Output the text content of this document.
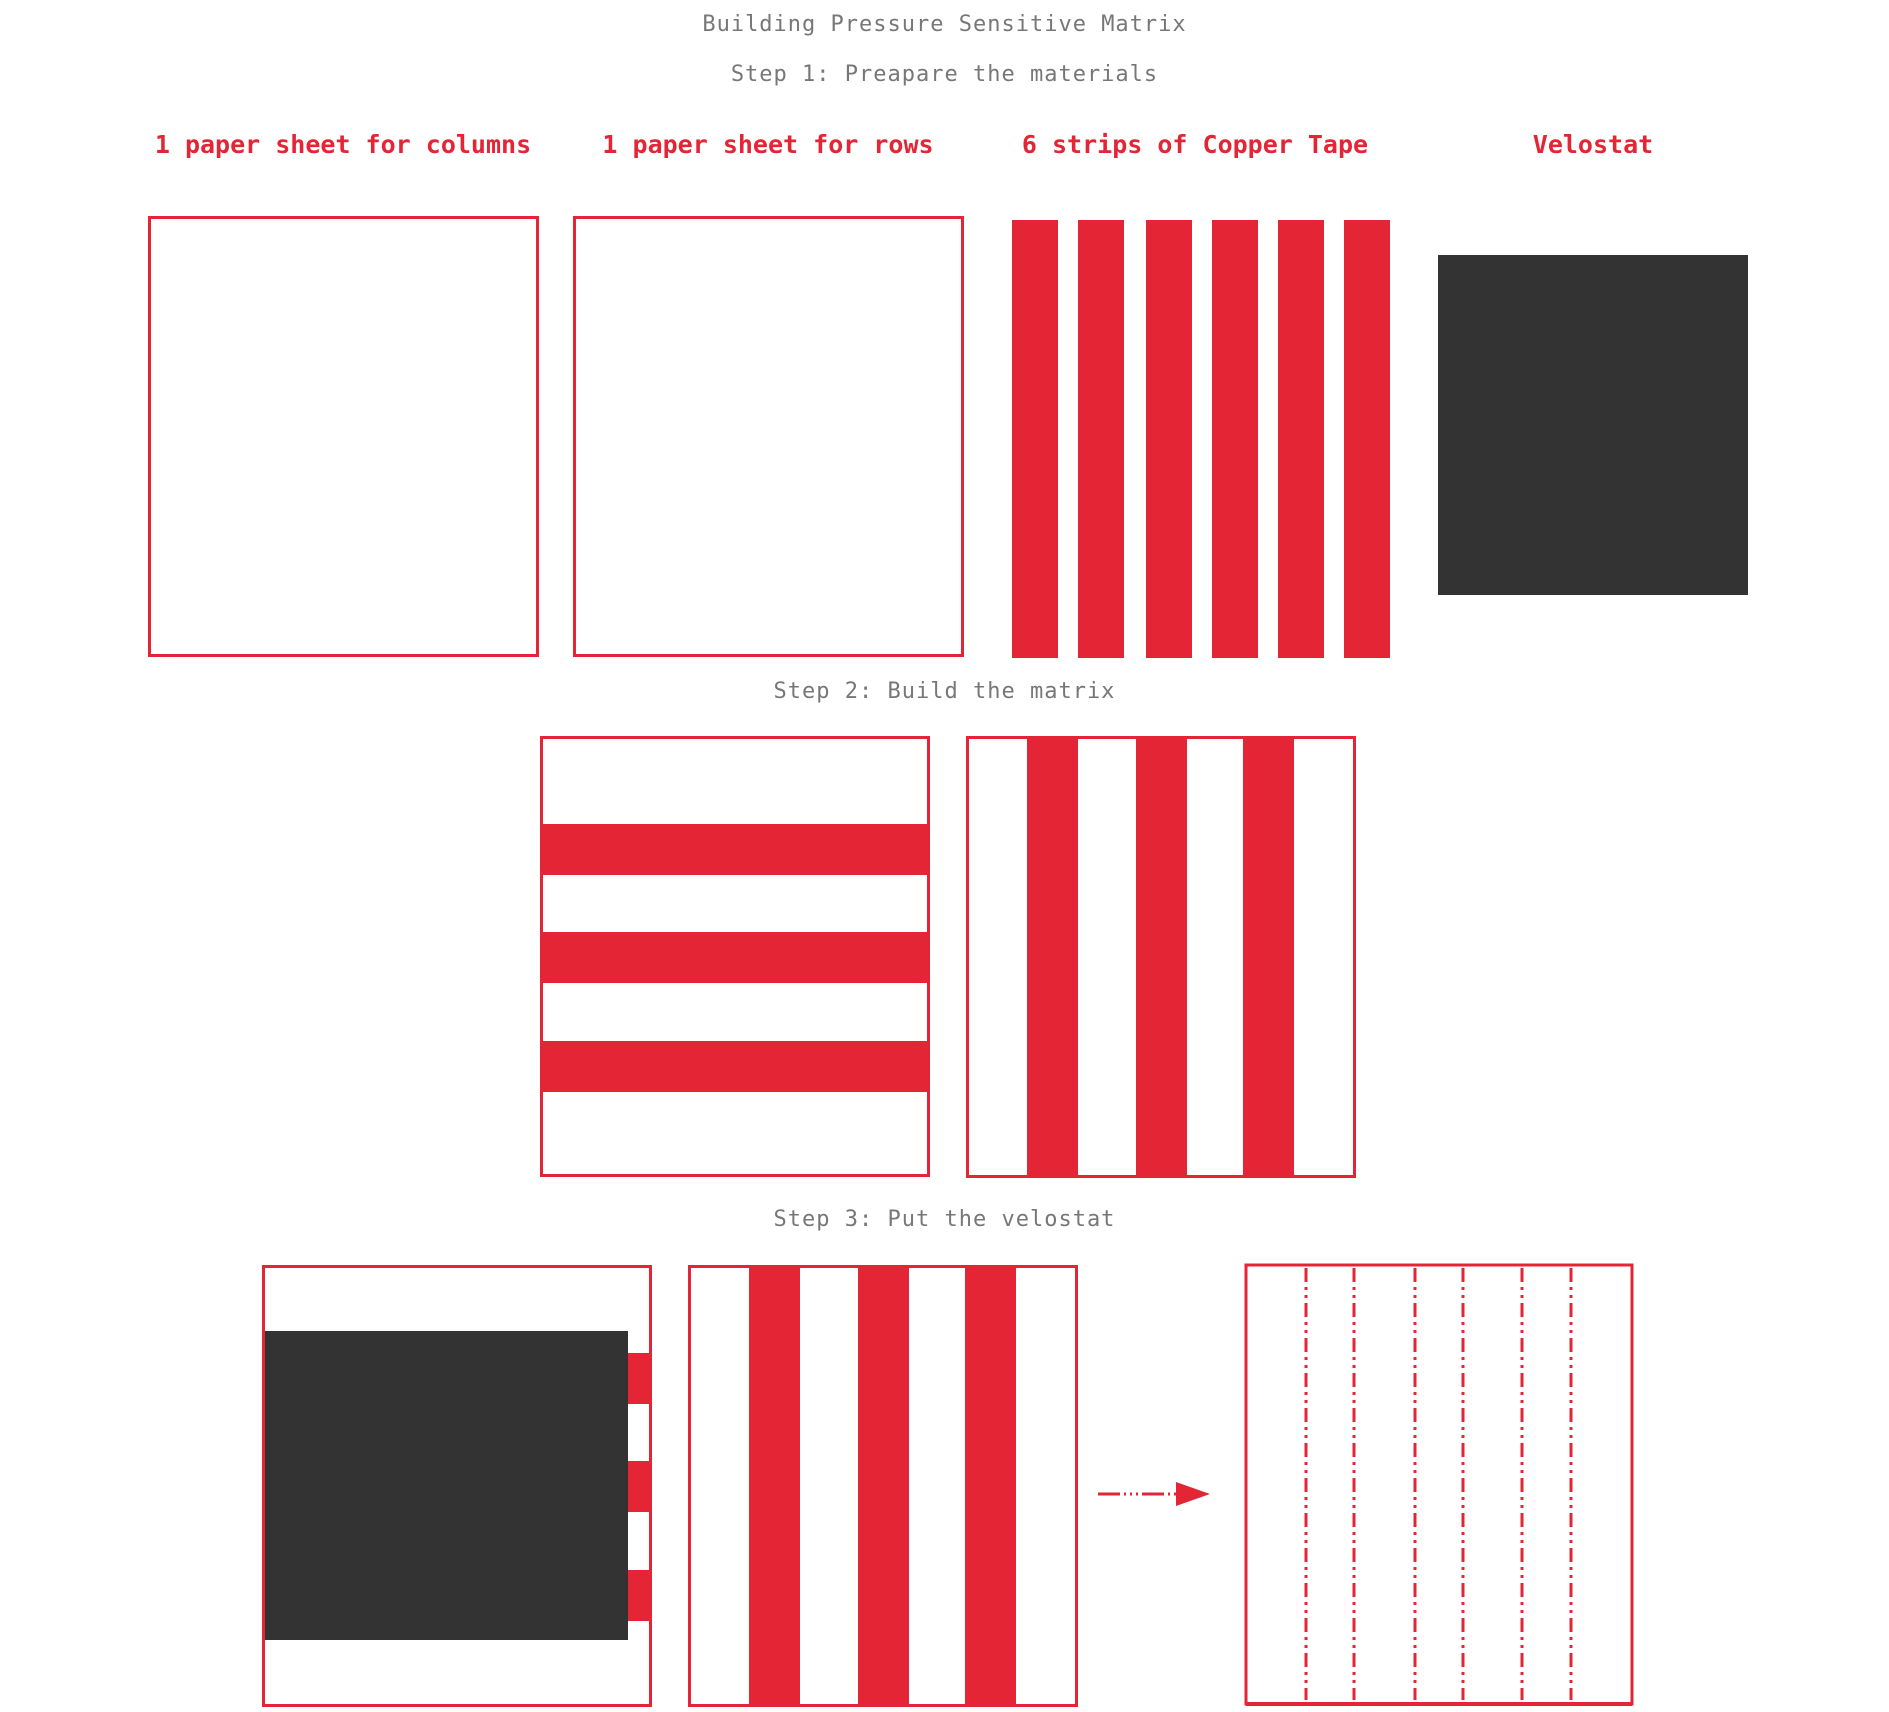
Building Pressure Sensitive Matrix
Step 1: Preapare the materials
Step 2: Build the matrix
Step 3: Put the velostat
1 paper sheet for columns	1 paper sheet for rows	6 strips of Copper Tape	Velostat
